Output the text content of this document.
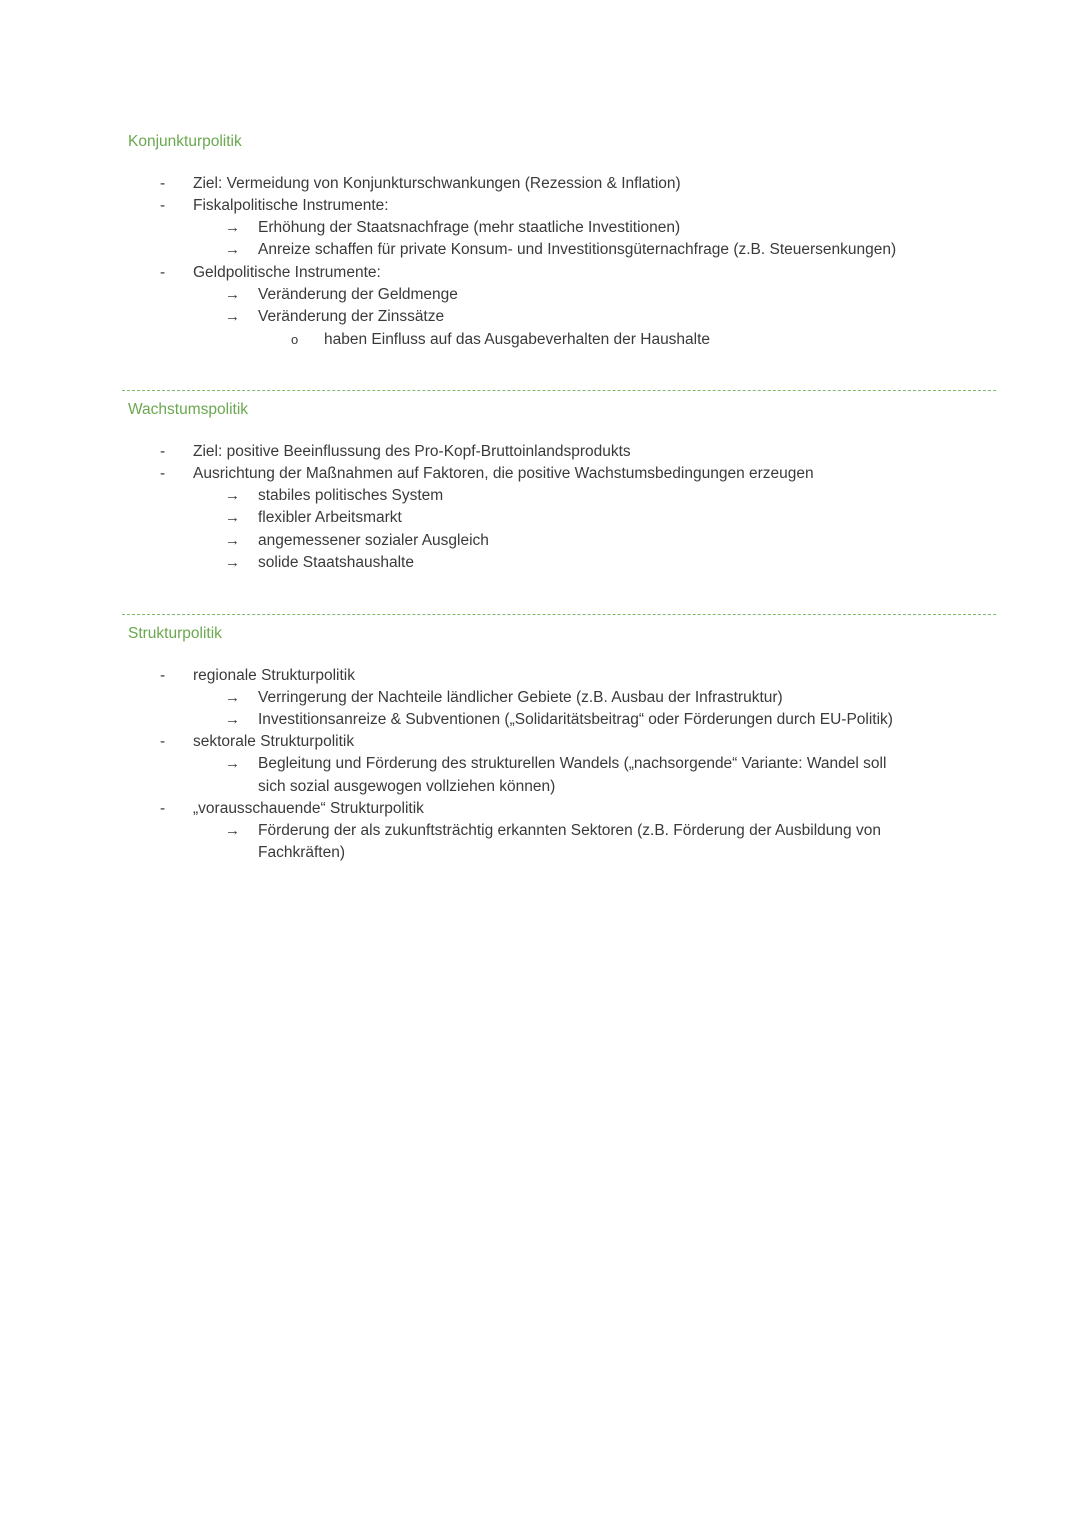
Konjunkturpolitik
- Ziel: Vermeidung von Konjunkturschwankungen (Rezession & Inflation)
- Fiskalpolitische Instrumente:
→ Erhöhung der Staatsnachfrage (mehr staatliche Investitionen)
→ Anreize schaffen für private Konsum- und Investitionsgüternachfrage (z.B. Steuersenkungen)
- Geldpolitische Instrumente:
→ Veränderung der Geldmenge
→ Veränderung der Zinssätze
o haben Einfluss auf das Ausgabeverhalten der Haushalte
Wachstumspolitik
- Ziel: positive Beeinflussung des Pro-Kopf-Bruttoinlandsprodukts
- Ausrichtung der Maßnahmen auf Faktoren, die positive Wachstumsbedingungen erzeugen
→ stabiles politisches System
→ flexibler Arbeitsmarkt
→ angemessener sozialer Ausgleich
→ solide Staatshaushalte
Strukturpolitik
- regionale Strukturpolitik
→ Verringerung der Nachteile ländlicher Gebiete (z.B. Ausbau der Infrastruktur)
→ Investitionsanreize & Subventionen („Solidaritätsbeitrag“ oder Förderungen durch EU-Politik)
- sektorale Strukturpolitik
→ Begleitung und Förderung des strukturellen Wandels („nachsorgende“ Variante: Wandel soll
sich sozial ausgewogen vollziehen können)
- „vorausschauende“ Strukturpolitik
→ Förderung der als zukunftsträchtig erkannten Sektoren (z.B. Förderung der Ausbildung von
Fachkräften)
